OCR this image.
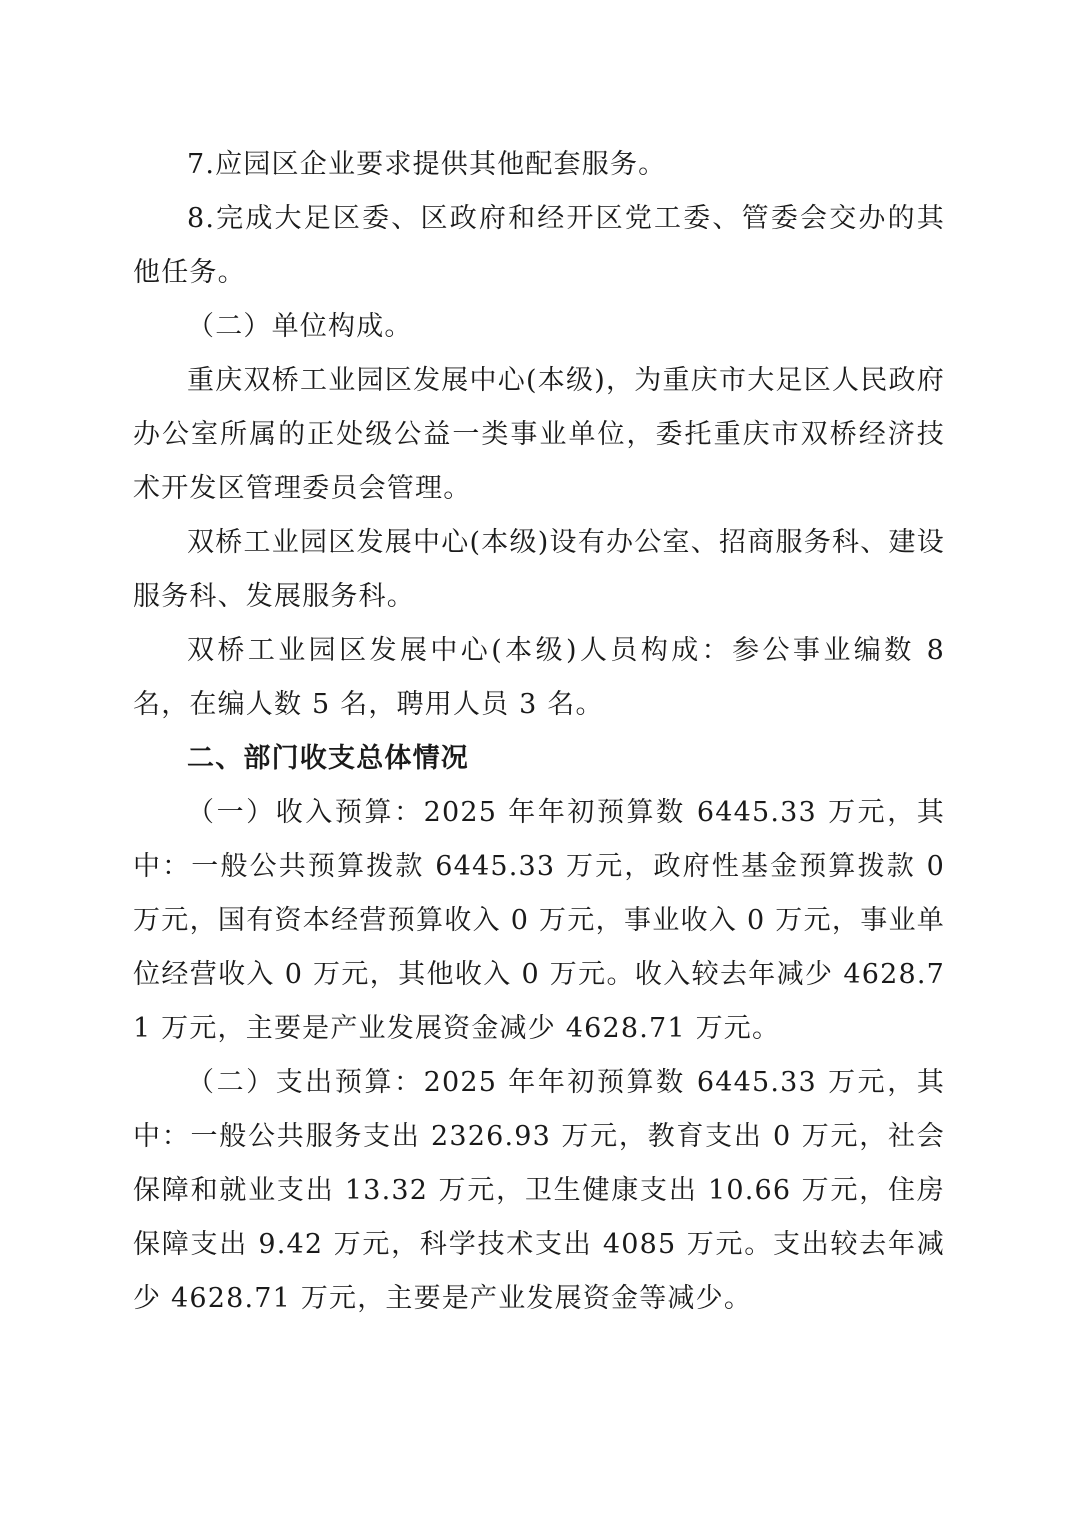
7.应园区企业要求提供其他配套服务。

8.完成大足区委、区政府和经开区党工委、管委会交办的其他任务。

（二）单位构成。

重庆双桥工业园区发展中心(本级)，为重庆市大足区人民政府办公室所属的正处级公益一类事业单位，委托重庆市双桥经济技术开发区管理委员会管理。

双桥工业园区发展中心(本级)设有办公室、招商服务科、建设服务科、发展服务科。

双桥工业园区发展中心(本级)人员构成：参公事业编数 8 名，在编人数 5 名，聘用人员 3 名。

二、部门收支总体情况

（一）收入预算：2025 年年初预算数 6445.33 万元，其中：一般公共预算拨款 6445.33 万元，政府性基金预算拨款 0 万元，国有资本经营预算收入 0 万元，事业收入 0 万元，事业单位经营收入 0 万元，其他收入 0 万元。收入较去年减少 4628.71 万元，主要是产业发展资金减少 4628.71 万元。

（二）支出预算：2025 年年初预算数 6445.33 万元，其中：一般公共服务支出 2326.93 万元，教育支出 0 万元，社会保障和就业支出 13.32 万元，卫生健康支出 10.66 万元，住房保障支出 9.42 万元，科学技术支出 4085 万元。支出较去年减少 4628.71 万元，主要是产业发展资金等减少。
